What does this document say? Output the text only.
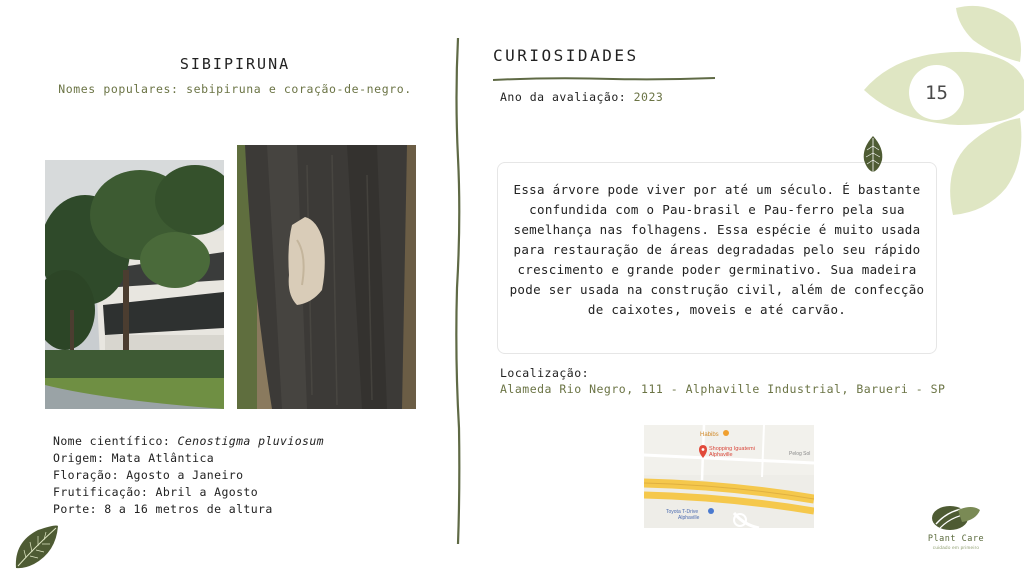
SIBIPIRUNA
Nomes populares: sebipiruna e coração-de-negro.
Nome científico: Cenostigma pluviosum
Origem: Mata Atlântica
Floração: Agosto a Janeiro
Frutificação: Abril a Agosto
Porte: 8 a 16 metros de altura
CURIOSIDADES
Ano da avaliação: 2023	15
Essa árvore pode viver por até um século. É bastante confundida com o Pau-brasil e Pau-ferro pela sua semelhança nas folhagens. Essa espécie é muito usada para restauração de áreas degradadas pelo seu rápido crescimento e grande poder germinativo. Sua madeira pode ser usada na construção civil, além de confecção de caixotes, moveis e até carvão.
Localização:
Alameda Rio Negro, 111 - Alphaville Industrial, Barueri - SP
Habibs
Shopping Iguatemi
Alphaville	Pelog Sol
Toyota T-Drive
Alphaville
Plant Care
cuidado em primeiro
